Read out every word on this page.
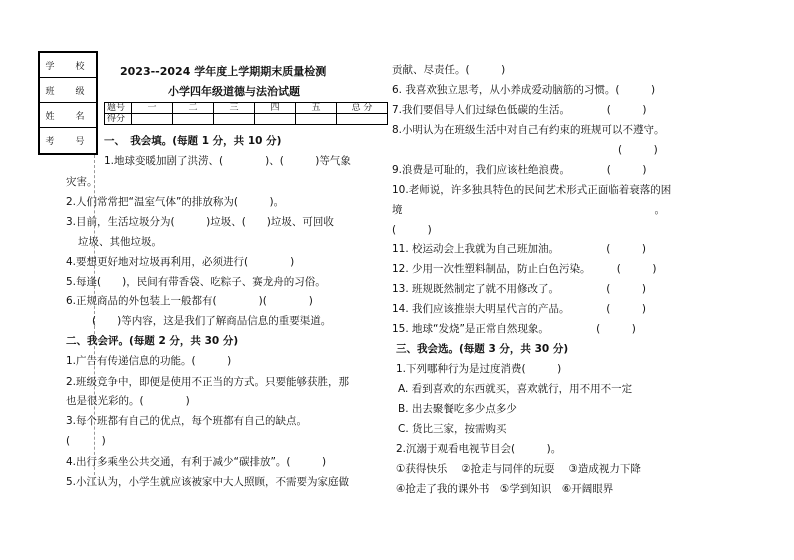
学　校
班　级
姓　名
考　号
2023--2024 学年度上学期期末质量检测
小学四年级道德与法治试题
题号	一	二	三	四	五	总 分
得分						
一、　我会填。(每题 1 分，共 10 分)
1.地球变暖加剧了洪涝、(　　　　)、(　　　)等气象
灾害。
2.人们常常把“温室气体”的排放称为(　　　)。
3.目前，生活垃圾分为(　　　)垃圾、(　　)垃圾、可回收
垃圾、其他垃圾。
4.要想更好地对垃圾再利用，必须进行(　　　　)
5.每逢(　　)，民间有带香袋、吃粽子、赛龙舟的习俗。
6.正规商品的外包装上一般都有(　　　　)(　　　　)
(　　)等内容，这是我们了解商品信息的重要渠道。
二、我会评。(每题 2 分，共 30 分)
1.广告有传递信息的功能。(　　　)
2.班级竞争中，即便是使用不正当的方式。只要能够获胜，那
也是很光彩的。(　　　　)
3.每个班都有自己的优点，每个班都有自己的缺点。
(　　　)
4.出行多乘坐公共交通，有利于减少“碳排放”。(　　　)
5.小江认为，小学生就应该被家中大人照顾，不需要为家庭做
贡献、尽责任。(　　　)
6. 我喜欢独立思考，从小养成爱动脑筋的习惯。(　　　)
7.我们要倡导人们过绿色低碳的生活。　　　　(　　　)
8.小明认为在班级生活中对自己有约束的班规可以不遵守。
(　　　)
9.浪费是可耻的，我们应该杜绝浪费。　　　　(　　　)
10.老师说，许多独具特色的民间艺术形式正面临着衰落的困
境　　　　　　　　　　　　　　　　　　　　　　　　。
(　　　)
11. 校运动会上我就为自己班加油。　　　　　(　　　)
12. 少用一次性塑料制品，防止白色污染。　　　(　　　)
13. 班规既然制定了就不用修改了。　　　　　(　　　)
14. 我们应该推崇大明星代言的产品。　　　　(　　　)
15. 地球“发烧”是正常自然现象。　　　　　(　　　)
三、我会选。(每题 3 分，共 30 分)
1.下列哪种行为是过度消费(　　　)
A. 看到喜欢的东西就买，喜欢就行，用不用不一定
B. 出去聚餐吃多少点多少
C. 货比三家，按需购买
2.沉溺于观看电视节目会(　　　)。
①获得快乐　 ②抢走与同伴的玩耍　 ③造成视力下降
④抢走了我的课外书　⑤学到知识　⑥开阔眼界
